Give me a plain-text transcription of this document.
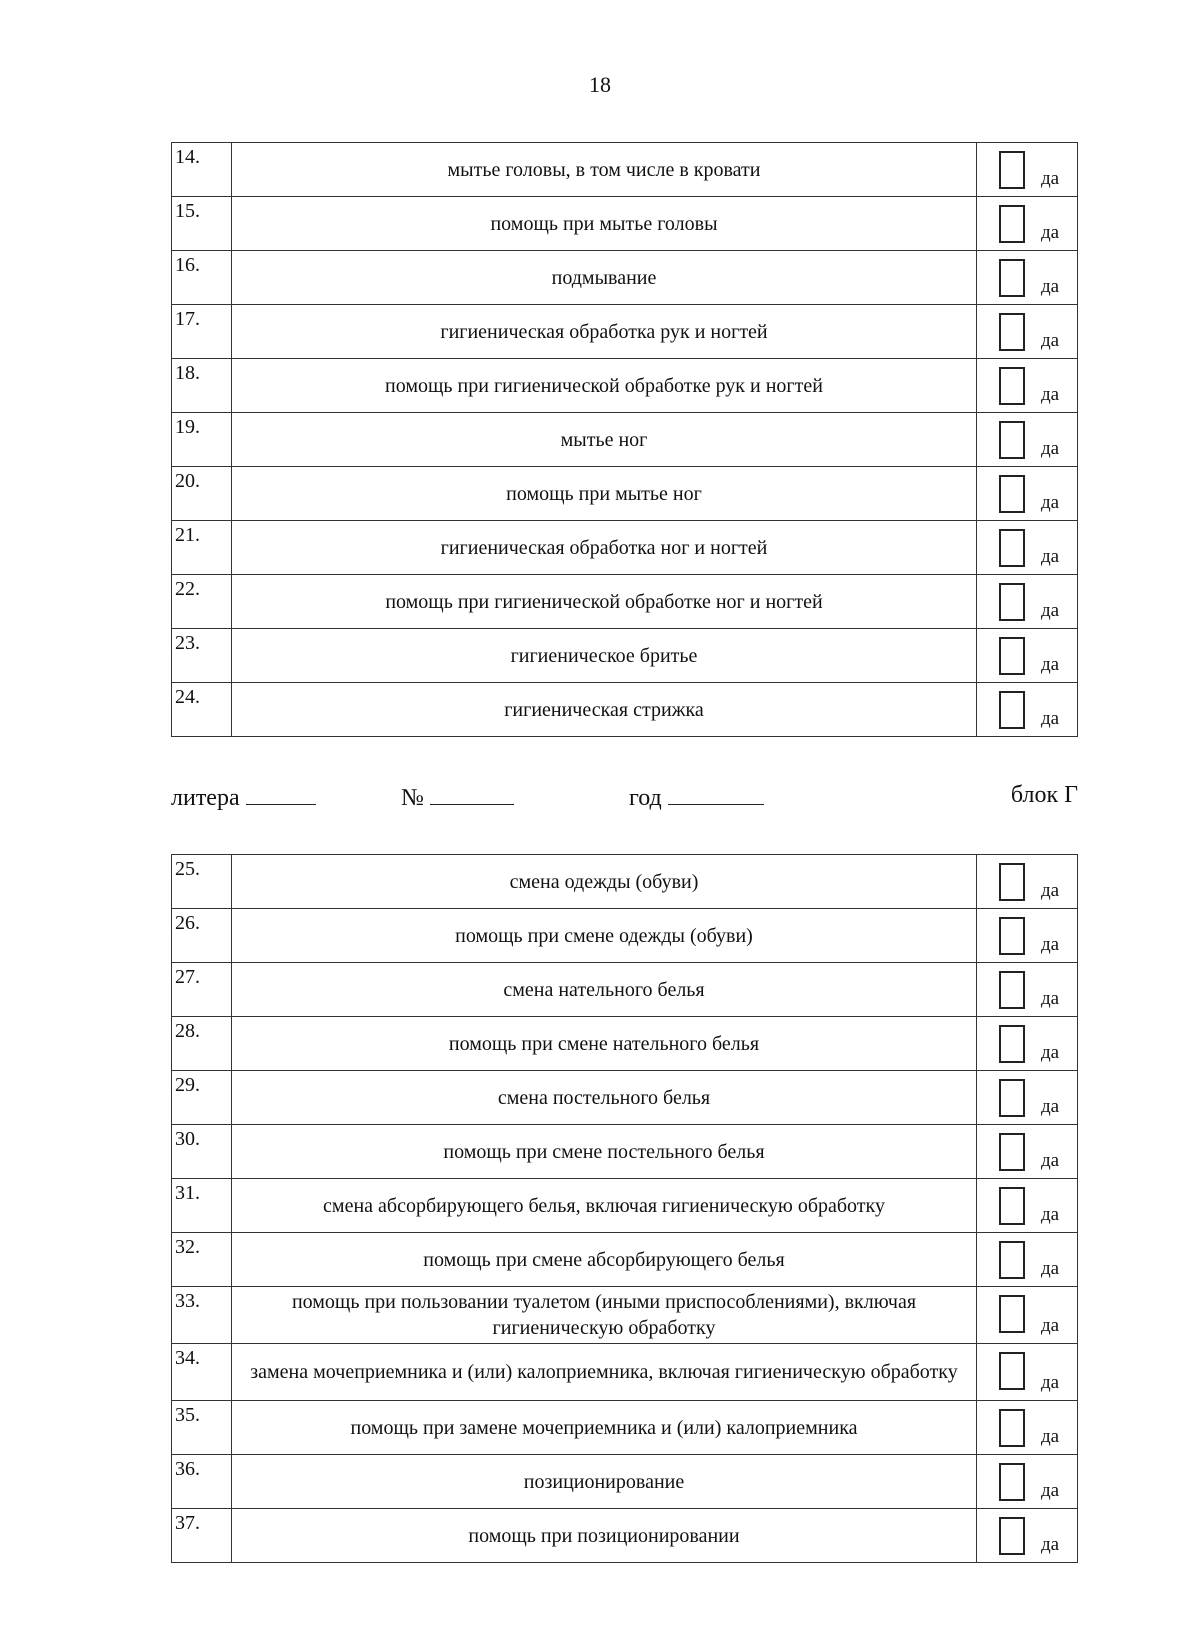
18
14.	мытье головы, в том числе в кровати	да

15.	помощь при мытье головы	да

16.	подмывание	да

17.	гигиеническая обработка рук и ногтей	да

18.	помощь при гигиенической обработке рук и ногтей	да

19.	мытье ног	да

20.	помощь при мытье ног	да

21.	гигиеническая обработка ног и ногтей	да

22.	помощь при гигиенической обработке ног и ногтей	да

23.	гигиеническое бритье	да

24.	гигиеническая стрижка	да
литера	№	год	блок Г
25.	смена одежды (обуви)	да

26.	помощь при смене одежды (обуви)	да

27.	смена нательного белья	да

28.	помощь при смене нательного белья	да

29.	смена постельного белья	да

30.	помощь при смене постельного белья	да

31.	смена абсорбирующего белья, включая гигиеническую обработку	да

32.	помощь при смене абсорбирующего белья	да

33.	помощь при пользовании туалетом (иными приспособлениями), включая гигиеническую обработку	да

34.	замена мочеприемника и (или) калоприемника, включая гигиеническую обработку	да

35.	помощь при замене мочеприемника и (или) калоприемника	да

36.	позиционирование	да

37.	помощь при позиционировании	да
